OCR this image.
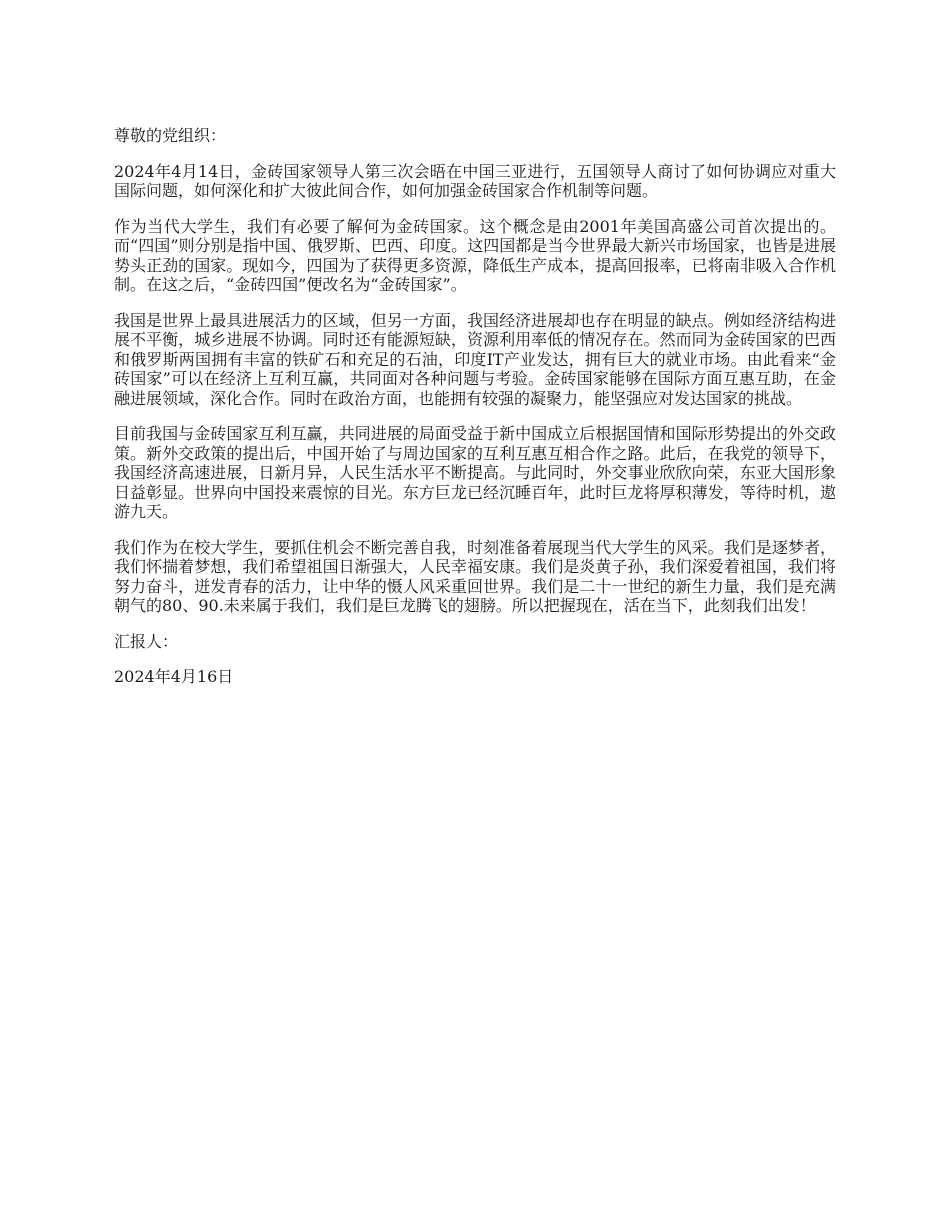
尊敬的党组织：

2024年4月14日，金砖国家领导人第三次会晤在中国三亚进行，五国领导人商讨了如何协调应对重大国际问题，如何深化和扩大彼此间合作，如何加强金砖国家合作机制等问题。

作为当代大学生，我们有必要了解何为金砖国家。这个概念是由2001年美国高盛公司首次提出的。而“四国”则分别是指中国、俄罗斯、巴西、印度。这四国都是当今世界最大新兴市场国家，也皆是进展势头正劲的国家。现如今，四国为了获得更多资源，降低生产成本，提高回报率，已将南非吸入合作机制。在这之后，“金砖四国”便改名为“金砖国家”。

我国是世界上最具进展活力的区域，但另一方面，我国经济进展却也存在明显的缺点。例如经济结构进展不平衡，城乡进展不协调。同时还有能源短缺，资源利用率低的情况存在。然而同为金砖国家的巴西和俄罗斯两国拥有丰富的铁矿石和充足的石油，印度IT产业发达，拥有巨大的就业市场。由此看来“金砖国家”可以在经济上互利互赢，共同面对各种问题与考验。金砖国家能够在国际方面互惠互助，在金融进展领域，深化合作。同时在政治方面，也能拥有较强的凝聚力，能坚强应对发达国家的挑战。

目前我国与金砖国家互利互赢，共同进展的局面受益于新中国成立后根据国情和国际形势提出的外交政策。新外交政策的提出后，中国开始了与周边国家的互利互惠互相合作之路。此后，在我党的领导下，我国经济高速进展，日新月异，人民生活水平不断提高。与此同时，外交事业欣欣向荣，东亚大国形象日益彰显。世界向中国投来震惊的目光。东方巨龙已经沉睡百年，此时巨龙将厚积薄发，等待时机，遨游九天。

我们作为在校大学生，要抓住机会不断完善自我，时刻准备着展现当代大学生的风采。我们是逐梦者，我们怀揣着梦想，我们希望祖国日渐强大，人民幸福安康。我们是炎黄子孙，我们深爱着祖国，我们将努力奋斗，迸发青春的活力，让中华的慑人风采重回世界。我们是二十一世纪的新生力量，我们是充满朝气的80、90.未来属于我们，我们是巨龙腾飞的翅膀。所以把握现在，活在当下，此刻我们出发！

汇报人：

2024年4月16日
